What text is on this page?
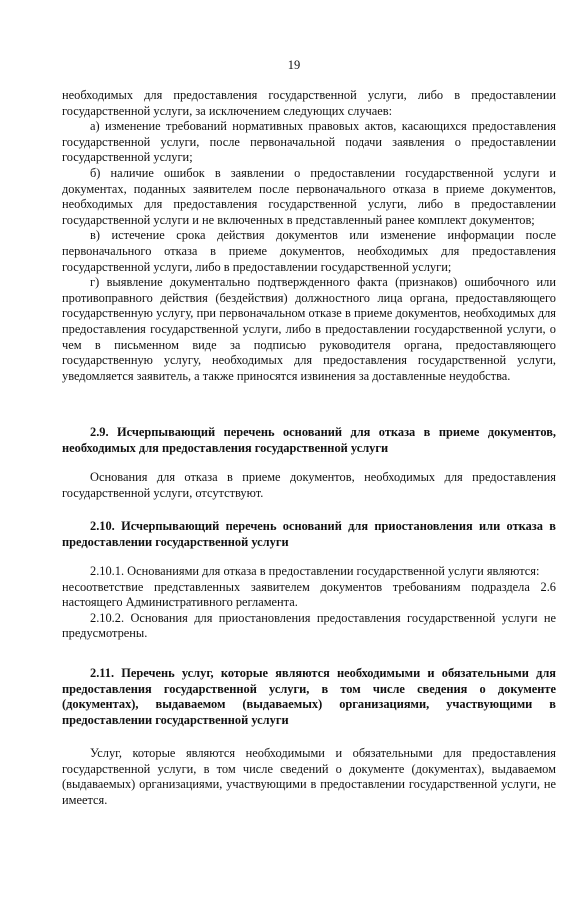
19

необходимых для предоставления государственной услуги, либо в предоставлении государственной услуги, за исключением следующих случаев:

а) изменение требований нормативных правовых актов, касающихся предоставления государственной услуги, после первоначальной подачи заявления о предоставлении государственной услуги;

б) наличие ошибок в заявлении о предоставлении государственной услуги и документах, поданных заявителем после первоначального отказа в приеме документов, необходимых для предоставления государственной услуги, либо в предоставлении государственной услуги и не включенных в представленный ранее комплект документов;

в) истечение срока действия документов или изменение информации после первоначального отказа в приеме документов, необходимых для предоставления государственной услуги, либо в предоставлении государственной услуги;

г) выявление документально подтвержденного факта (признаков) ошибочного или противоправного действия (бездействия) должностного лица органа, предоставляющего государственную услугу, при первоначальном отказе в приеме документов, необходимых для предоставления государственной услуги, либо в предоставлении государственной услуги, о чем в письменном виде за подписью руководителя органа, предоставляющего государственную услугу, необходимых для предоставления государственной услуги, уведомляется заявитель, а также приносятся извинения за доставленные неудобства.

2.9. Исчерпывающий перечень оснований для отказа в приеме документов, необходимых для предоставления государственной услуги

Основания для отказа в приеме документов, необходимых для предоставления государственной услуги, отсутствуют.

2.10. Исчерпывающий перечень оснований для приостановления или отказа в предоставлении государственной услуги

2.10.1. Основаниями для отказа в предоставлении государственной услуги являются:

несоответствие представленных заявителем документов требованиям подраздела 2.6 настоящего Административного регламента.

2.10.2. Основания для приостановления предоставления государственной услуги не предусмотрены.

2.11. Перечень услуг, которые являются необходимыми и обязательными для предоставления государственной услуги, в том числе сведения о документе (документах), выдаваемом (выдаваемых) организациями, участвующими в предоставлении государственной услуги

Услуг, которые являются необходимыми и обязательными для предоставления государственной услуги, в том числе сведений о документе (документах), выдаваемом (выдаваемых) организациями, участвующими в предоставлении государственной услуги, не имеется.
